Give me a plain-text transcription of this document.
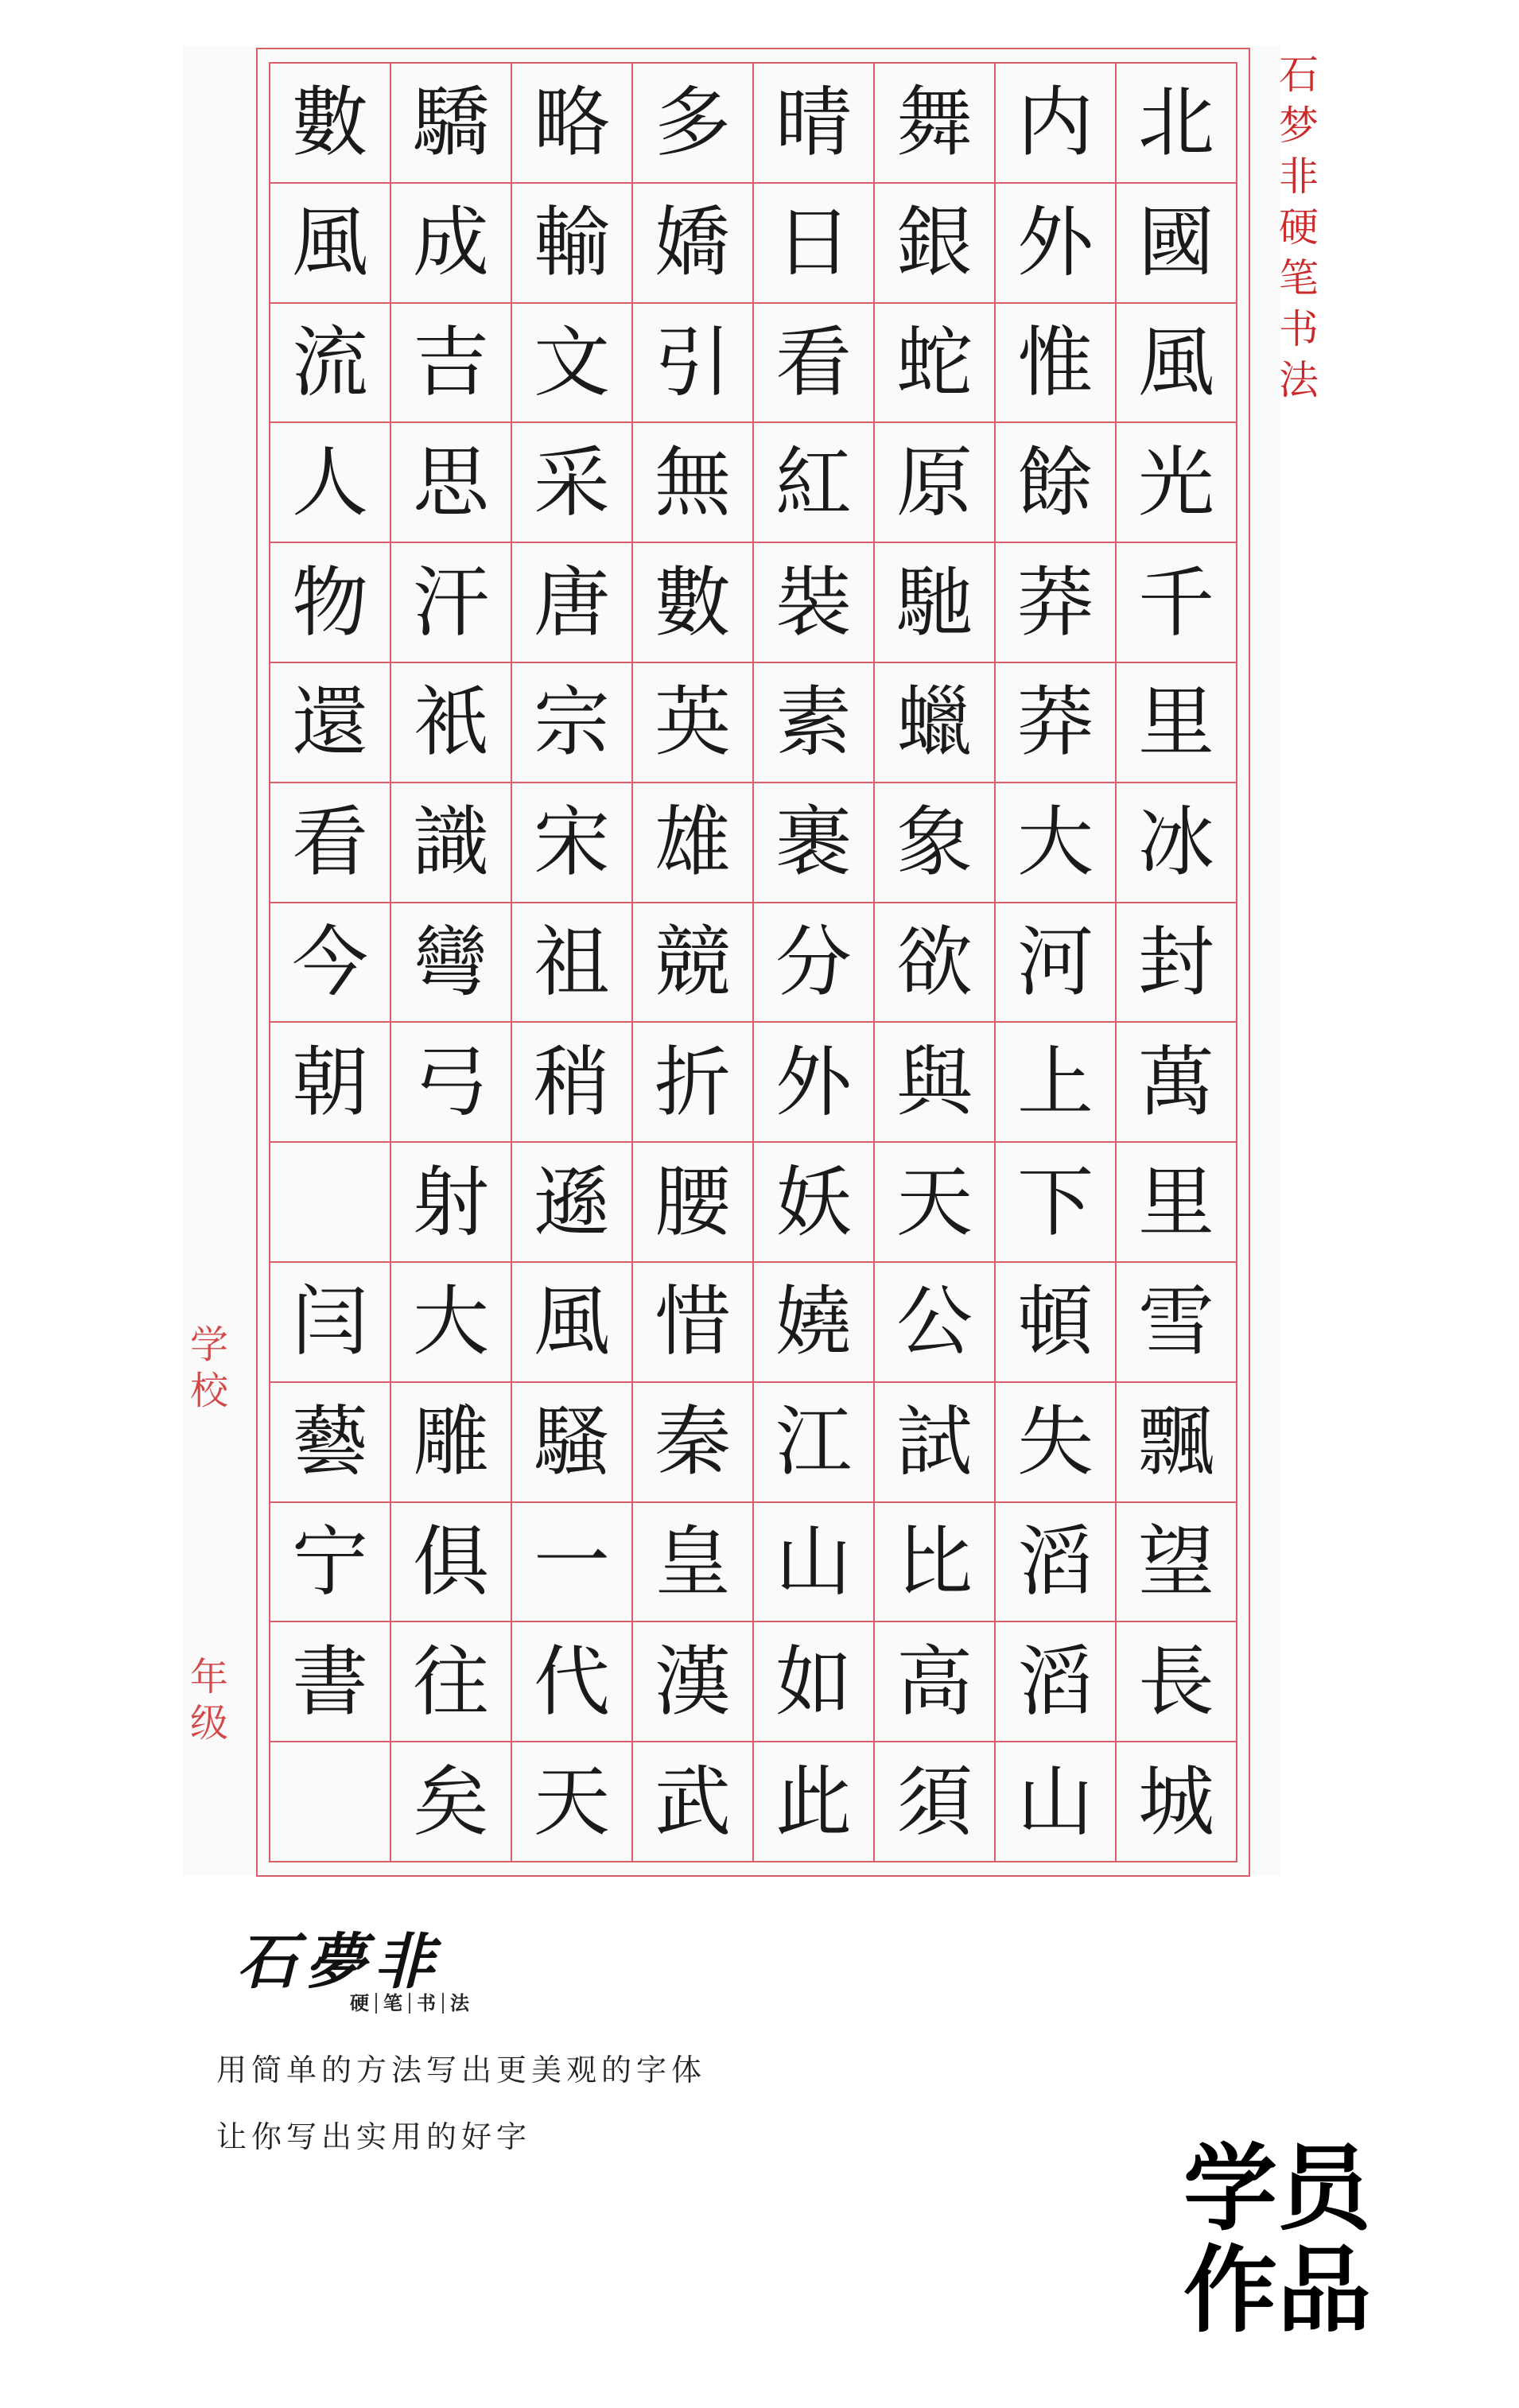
數 驕 略 多 晴 舞 内 北
風 成 輸 嬌 日 銀 外 國
流 吉 文 引 看 蛇 惟 風
人 思 采 無 紅 原 餘 光
物 汗 唐 數 裝 馳 莽 千
還 衹 宗 英 素 蠟 莽 里
看 識 宋 雄 裹 象 大 冰
今 彎 祖 競 分 欲 河 封
朝 弓 稍 折 外 與 上 萬
射 遜 腰 妖 天 下 里
闫 大 風 惜 嬈 公 頓 雪
藝 雕 騷 秦 江 試 失 飄
宁 俱 一 皇 山 比 滔 望
書 往 代 漢 如 高 滔 長
矣 天 武 此 須 山 城
石
梦
非
硬
笔
书
法
学
校
年
级
石夢非
硬 笔 书 法
用简单的方法写出更美观的字体
让你写出实用的好字	学员
作品
